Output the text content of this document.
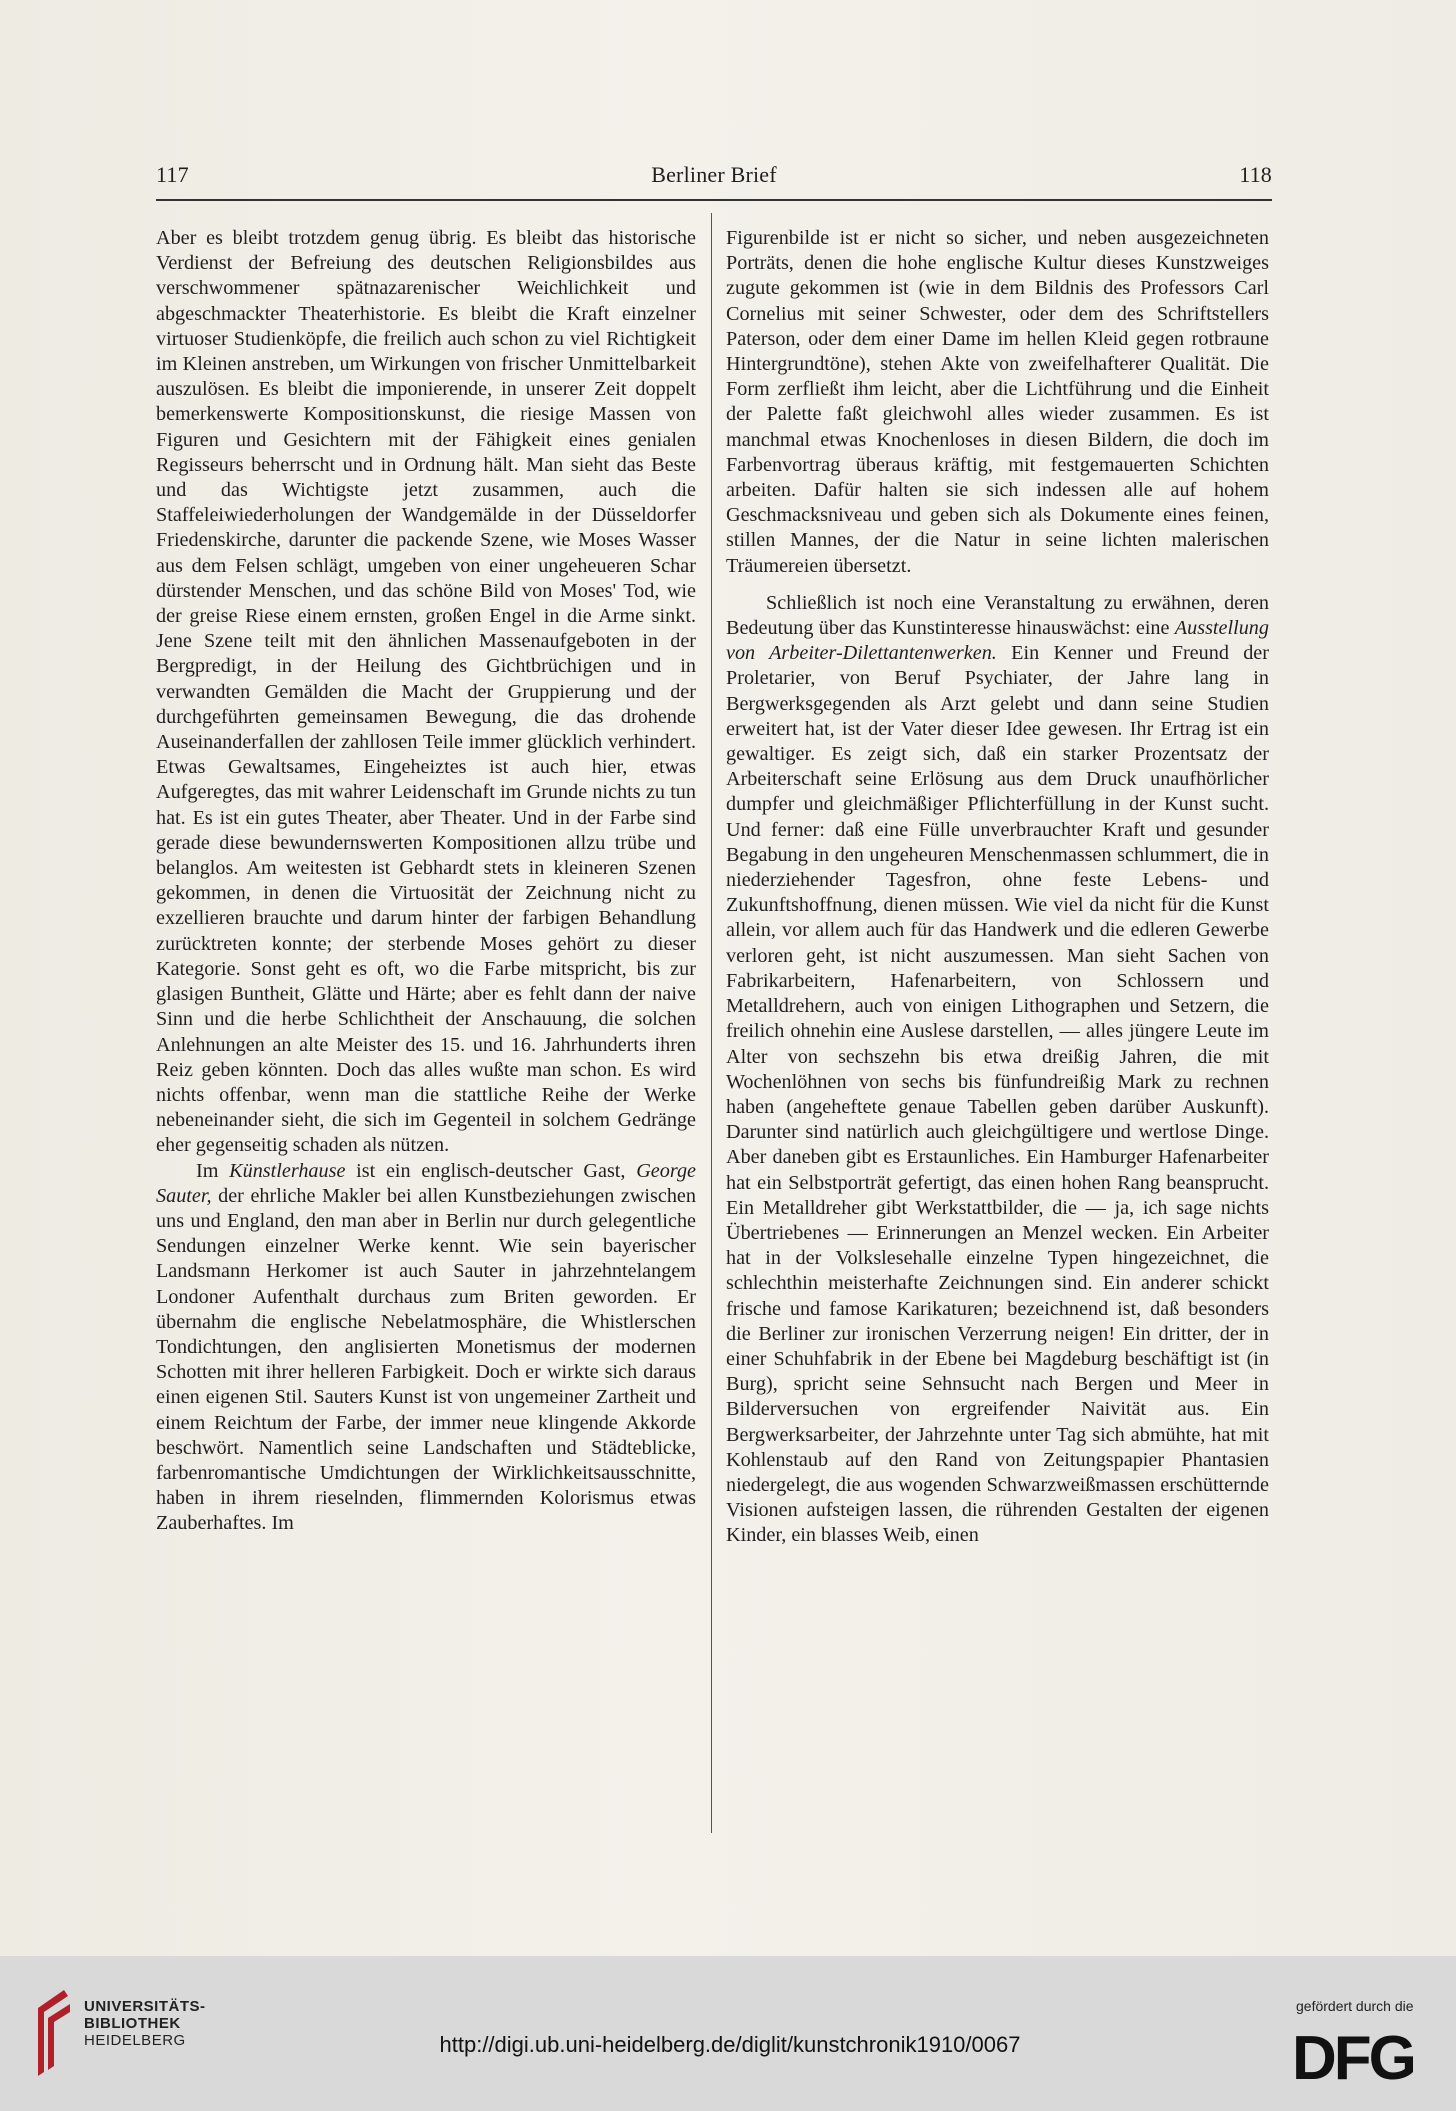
117	Berliner Brief	118

Aber es bleibt trotzdem genug übrig. Es bleibt das historische Verdienst der Befreiung des deutschen Religionsbildes aus verschwommener spätnazarenischer Weichlichkeit und abgeschmackter Theaterhistorie. Es bleibt die Kraft einzelner virtuoser Studienköpfe, die freilich auch schon zu viel Richtigkeit im Kleinen anstreben, um Wirkungen von frischer Unmittelbarkeit auszulösen. Es bleibt die imponierende, in unserer Zeit doppelt bemerkenswerte Kompositionskunst, die riesige Massen von Figuren und Gesichtern mit der Fähigkeit eines genialen Regisseurs beherrscht und in Ordnung hält. Man sieht das Beste und das Wichtigste jetzt zusammen, auch die Staffeleiwiederholungen der Wandgemälde in der Düsseldorfer Friedenskirche, darunter die packende Szene, wie Moses Wasser aus dem Felsen schlägt, umgeben von einer ungeheueren Schar dürstender Menschen, und das schöne Bild von Moses' Tod, wie der greise Riese einem ernsten, großen Engel in die Arme sinkt. Jene Szene teilt mit den ähnlichen Massenaufgeboten in der Bergpredigt, in der Heilung des Gichtbrüchigen und in verwandten Gemälden die Macht der Gruppierung und der durchgeführten gemeinsamen Bewegung, die das drohende Auseinanderfallen der zahllosen Teile immer glücklich verhindert. Etwas Gewaltsames, Eingeheiztes ist auch hier, etwas Aufgeregtes, das mit wahrer Leidenschaft im Grunde nichts zu tun hat. Es ist ein gutes Theater, aber Theater. Und in der Farbe sind gerade diese bewundernswerten Kompositionen allzu trübe und belanglos. Am weitesten ist Gebhardt stets in kleineren Szenen gekommen, in denen die Virtuosität der Zeichnung nicht zu exzellieren brauchte und darum hinter der farbigen Behandlung zurücktreten konnte; der sterbende Moses gehört zu dieser Kategorie. Sonst geht es oft, wo die Farbe mitspricht, bis zur glasigen Buntheit, Glätte und Härte; aber es fehlt dann der naive Sinn und die herbe Schlichtheit der Anschauung, die solchen Anlehnungen an alte Meister des 15. und 16. Jahrhunderts ihren Reiz geben könnten. Doch das alles wußte man schon. Es wird nichts offenbar, wenn man die stattliche Reihe der Werke nebeneinander sieht, die sich im Gegenteil in solchem Gedränge eher gegenseitig schaden als nützen.

Im Künstlerhause ist ein englisch-deutscher Gast, George Sauter, der ehrliche Makler bei allen Kunstbeziehungen zwischen uns und England, den man aber in Berlin nur durch gelegentliche Sendungen einzelner Werke kennt. Wie sein bayerischer Landsmann Herkomer ist auch Sauter in jahrzehntelangem Londoner Aufenthalt durchaus zum Briten geworden. Er übernahm die englische Nebelatmosphäre, die Whistlerschen Tondichtungen, den anglisierten Monetismus der modernen Schotten mit ihrer helleren Farbigkeit. Doch er wirkte sich daraus einen eigenen Stil. Sauters Kunst ist von ungemeiner Zartheit und einem Reichtum der Farbe, der immer neue klingende Akkorde beschwört. Namentlich seine Landschaften und Städteblicke, farbenromantische Umdichtungen der Wirklichkeitsausschnitte, haben in ihrem rieselnden, flimmernden Kolorismus etwas Zauberhaftes. Im

Figurenbilde ist er nicht so sicher, und neben ausgezeichneten Porträts, denen die hohe englische Kultur dieses Kunstzweiges zugute gekommen ist (wie in dem Bildnis des Professors Carl Cornelius mit seiner Schwester, oder dem des Schriftstellers Paterson, oder dem einer Dame im hellen Kleid gegen rotbraune Hintergrundtöne), stehen Akte von zweifelhafterer Qualität. Die Form zerfließt ihm leicht, aber die Lichtführung und die Einheit der Palette faßt gleichwohl alles wieder zusammen. Es ist manchmal etwas Knochenloses in diesen Bildern, die doch im Farbenvortrag überaus kräftig, mit festgemauerten Schichten arbeiten. Dafür halten sie sich indessen alle auf hohem Geschmacksniveau und geben sich als Dokumente eines feinen, stillen Mannes, der die Natur in seine lichten malerischen Träumereien übersetzt.

Schließlich ist noch eine Veranstaltung zu erwähnen, deren Bedeutung über das Kunstinteresse hinauswächst: eine Ausstellung von Arbeiter-Dilettantenwerken. Ein Kenner und Freund der Proletarier, von Beruf Psychiater, der Jahre lang in Bergwerksgegenden als Arzt gelebt und dann seine Studien erweitert hat, ist der Vater dieser Idee gewesen. Ihr Ertrag ist ein gewaltiger. Es zeigt sich, daß ein starker Prozentsatz der Arbeiterschaft seine Erlösung aus dem Druck unaufhörlicher dumpfer und gleichmäßiger Pflichterfüllung in der Kunst sucht. Und ferner: daß eine Fülle unverbrauchter Kraft und gesunder Begabung in den ungeheuren Menschenmassen schlummert, die in niederziehender Tagesfron, ohne feste Lebens- und Zukunftshoffnung, dienen müssen. Wie viel da nicht für die Kunst allein, vor allem auch für das Handwerk und die edleren Gewerbe verloren geht, ist nicht auszumessen. Man sieht Sachen von Fabrikarbeitern, Hafenarbeitern, von Schlossern und Metalldrehern, auch von einigen Lithographen und Setzern, die freilich ohnehin eine Auslese darstellen, — alles jüngere Leute im Alter von sechszehn bis etwa dreißig Jahren, die mit Wochenlöhnen von sechs bis fünfundreißig Mark zu rechnen haben (angeheftete genaue Tabellen geben darüber Auskunft). Darunter sind natürlich auch gleichgültigere und wertlose Dinge. Aber daneben gibt es Erstaunliches. Ein Hamburger Hafenarbeiter hat ein Selbstporträt gefertigt, das einen hohen Rang beansprucht. Ein Metalldreher gibt Werkstattbilder, die — ja, ich sage nichts Übertriebenes — Erinnerungen an Menzel wecken. Ein Arbeiter hat in der Volkslesehalle einzelne Typen hingezeichnet, die schlechthin meisterhafte Zeichnungen sind. Ein anderer schickt frische und famose Karikaturen; bezeichnend ist, daß besonders die Berliner zur ironischen Verzerrung neigen! Ein dritter, der in einer Schuhfabrik in der Ebene bei Magdeburg beschäftigt ist (in Burg), spricht seine Sehnsucht nach Bergen und Meer in Bilderversuchen von ergreifender Naivität aus. Ein Bergwerksarbeiter, der Jahrzehnte unter Tag sich abmühte, hat mit Kohlenstaub auf den Rand von Zeitungspapier Phantasien niedergelegt, die aus wogenden Schwarzweißmassen erschütternde Visionen aufsteigen lassen, die rührenden Gestalten der eigenen Kinder, ein blasses Weib, einen

UNIVERSITÄTS-
BIBLIOTHEK
HEIDELBERG	http://digi.ub.uni-heidelberg.de/diglit/kunstchronik1910/0067
gefördert durch die
DFG
